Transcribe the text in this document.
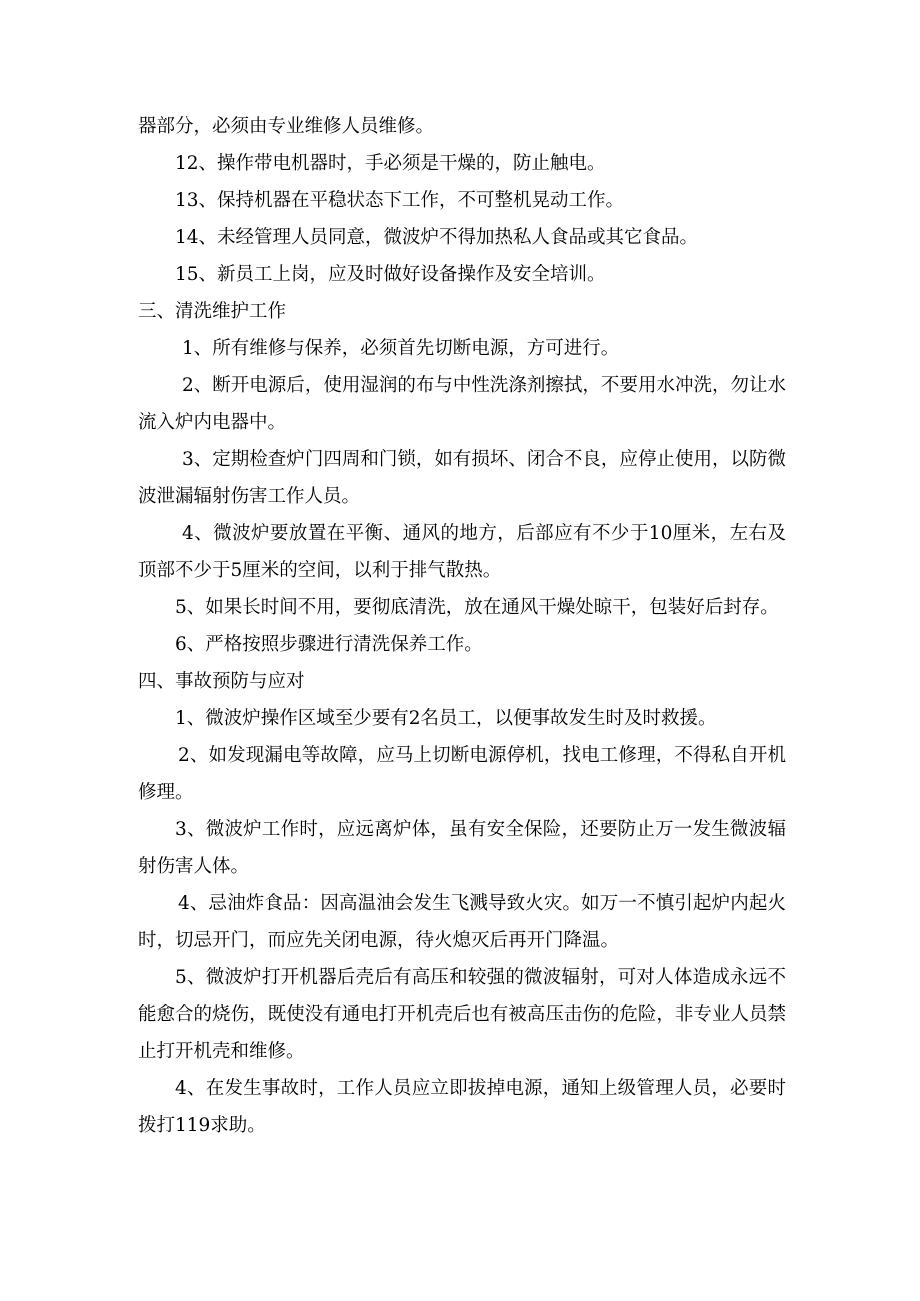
器部分，必须由专业维修人员维修。

12、操作带电机器时，手必须是干燥的，防止触电。

13、保持机器在平稳状态下工作，不可整机晃动工作。

14、未经管理人员同意，微波炉不得加热私人食品或其它食品。

15、新员工上岗，应及时做好设备操作及安全培训。

三、清洗维护工作

1、所有维修与保养，必须首先切断电源，方可进行。

2、断开电源后，使用湿润的布与中性洗涤剂擦拭，不要用水冲洗，勿让水流入炉内电器中。

3、定期检查炉门四周和门锁，如有损坏、闭合不良，应停止使用，以防微波泄漏辐射伤害工作人员。

4、微波炉要放置在平衡、通风的地方，后部应有不少于10厘米，左右及顶部不少于5厘米的空间，以利于排气散热。

5、如果长时间不用，要彻底清洗，放在通风干燥处晾干，包装好后封存。

6、严格按照步骤进行清洗保养工作。

四、事故预防与应对

1、微波炉操作区域至少要有2名员工，以便事故发生时及时救援。

2、如发现漏电等故障，应马上切断电源停机，找电工修理，不得私自开机修理。

3、微波炉工作时，应远离炉体，虽有安全保险，还要防止万一发生微波辐射伤害人体。

4、忌油炸食品：因高温油会发生飞溅导致火灾。如万一不慎引起炉内起火时，切忌开门，而应先关闭电源，待火熄灭后再开门降温。

5、微波炉打开机器后壳后有高压和较强的微波辐射，可对人体造成永远不能愈合的烧伤，既使没有通电打开机壳后也有被高压击伤的危险，非专业人员禁止打开机壳和维修。

4、在发生事故时，工作人员应立即拔掉电源，通知上级管理人员，必要时拨打119求助。
